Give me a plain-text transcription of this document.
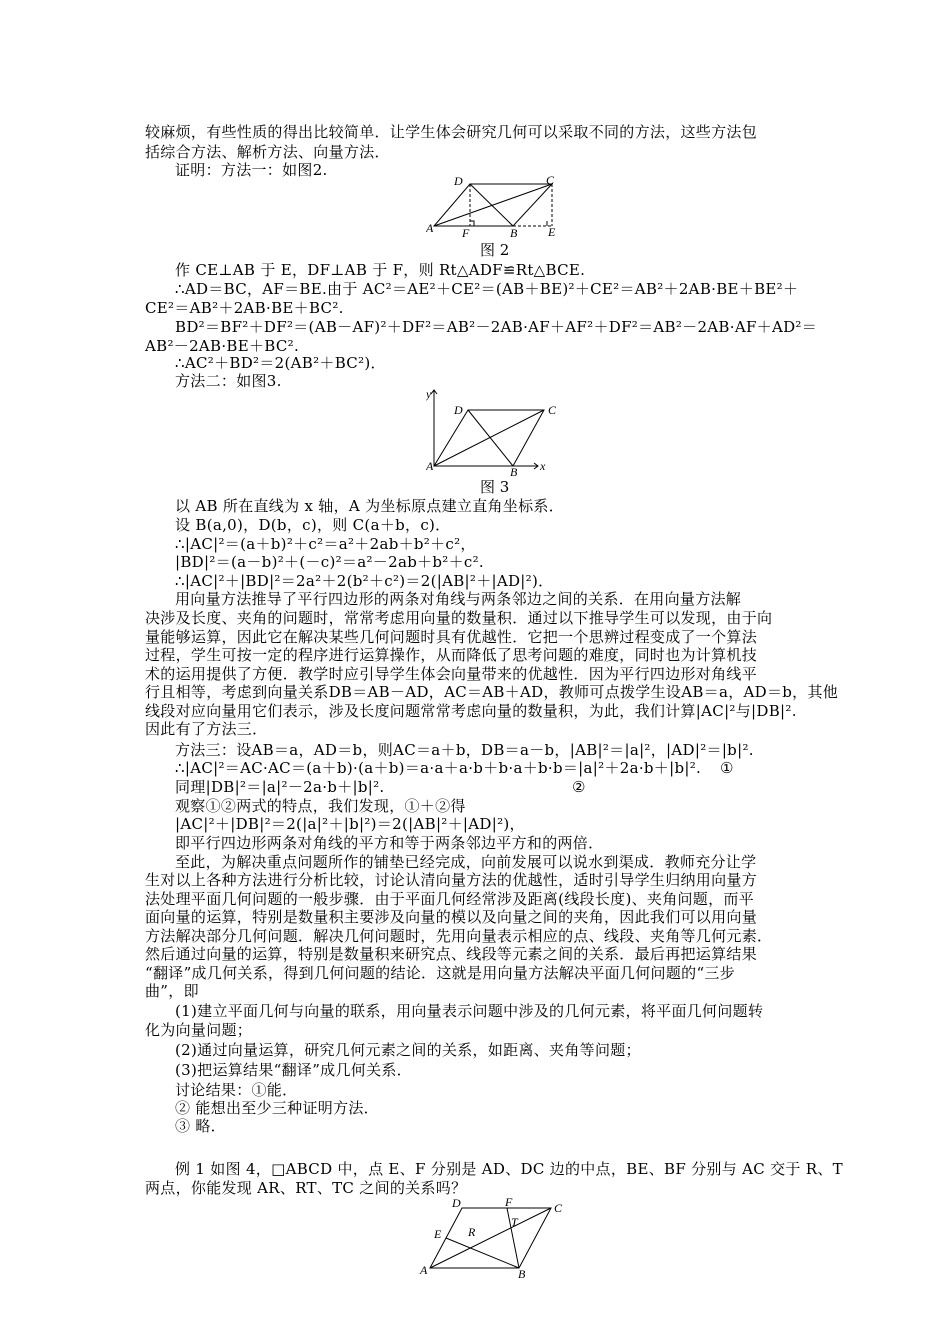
较麻烦，有些性质的得出比较简单．让学生体会研究几何可以采取不同的方法，这些方法包
括综合方法、解析方法、向量方法．
证明：方法一：如图2.
A	B
C
D
E
F
图 2
作 CE⊥AB 于 E，DF⊥AB 于 F，则 Rt△ADF≌Rt△BCE.
∴AD＝BC，AF＝BE.由于 AC²＝AE²＋CE²＝(AB＋BE)²＋CE²＝AB²＋2AB·BE＋BE²＋
CE²＝AB²＋2AB·BE＋BC².
BD²＝BF²＋DF²＝(AB－AF)²＋DF²＝AB²－2AB·AF＋AF²＋DF²＝AB²－2AB·AF＋AD²＝
AB²－2AB·BE＋BC².
∴AC²＋BD²＝2(AB²＋BC²)．
方法二：如图3.
y
x
A	B
C
D
图 3
以 AB 所在直线为 x 轴，A 为坐标原点建立直角坐标系．
设 B(a,0)，D(b，c)，则 C(a＋b，c)．
∴|AC|²＝(a＋b)²＋c²＝a²＋2ab＋b²＋c²，
|BD|²＝(a－b)²＋(－c)²＝a²－2ab＋b²＋c².
∴|AC|²＋|BD|²＝2a²＋2(b²＋c²)＝2(|AB|²＋|AD|²)．
用向量方法推导了平行四边形的两条对角线与两条邻边之间的关系．在用向量方法解
决涉及长度、夹角的问题时，常常考虑用向量的数量积．通过以下推导学生可以发现，由于向
量能够运算，因此它在解决某些几何问题时具有优越性．它把一个思辨过程变成了一个算法
过程，学生可按一定的程序进行运算操作，从而降低了思考问题的难度，同时也为计算机技
术的运用提供了方便．教学时应引导学生体会向量带来的优越性．因为平行四边形对角线平
行且相等，考虑到向量关系DB＝AB－AD，AC＝AB＋AD，教师可点拨学生设AB＝a，AD＝b，其他
线段对应向量用它们表示，涉及长度问题常常考虑向量的数量积，为此，我们计算|AC|²与|DB|².
因此有了方法三．
方法三：设AB＝a，AD＝b，则AC＝a＋b，DB＝a－b，|AB|²＝|a|²，|AD|²＝|b|².
∴|AC|²＝AC·AC＝(a＋b)·(a＋b)＝a·a＋a·b＋b·a＋b·b＝|a|²＋2a·b＋|b|².	①
同理|DB|²＝|a|²－2a·b＋|b|².	②
观察①②两式的特点，我们发现，①＋②得
|AC|²＋|DB|²＝2(|a|²＋|b|²)＝2(|AB|²＋|AD|²)，
即平行四边形两条对角线的平方和等于两条邻边平方和的两倍．
至此，为解决重点问题所作的铺垫已经完成，向前发展可以说水到渠成．教师充分让学
生对以上各种方法进行分析比较，讨论认清向量方法的优越性，适时引导学生归纳用向量方
法处理平面几何问题的一般步骤．由于平面几何经常涉及距离(线段长度)、夹角问题，而平
面向量的运算，特别是数量积主要涉及向量的模以及向量之间的夹角，因此我们可以用向量
方法解决部分几何问题．解决几何问题时，先用向量表示相应的点、线段、夹角等几何元素．
然后通过向量的运算，特别是数量积来研究点、线段等元素之间的关系．最后再把运算结果
“翻译”成几何关系，得到几何问题的结论．这就是用向量方法解决平面几何问题的“三步
曲”，即
(1)建立平面几何与向量的联系，用向量表示问题中涉及的几何元素，将平面几何问题转
化为向量问题；
(2)通过向量运算，研究几何元素之间的关系，如距离、夹角等问题；
(3)把运算结果“翻译”成几何关系．
讨论结果：①能．
② 能想出至少三种证明方法．
③ 略．
例 1 如图 4，□ABCD 中，点 E、F 分别是 AD、DC 边的中点，BE、BF 分别与 AC 交于 R、T
两点，你能发现 AR、RT、TC 之间的关系吗？
A	B
C
D
E
F
R
T
